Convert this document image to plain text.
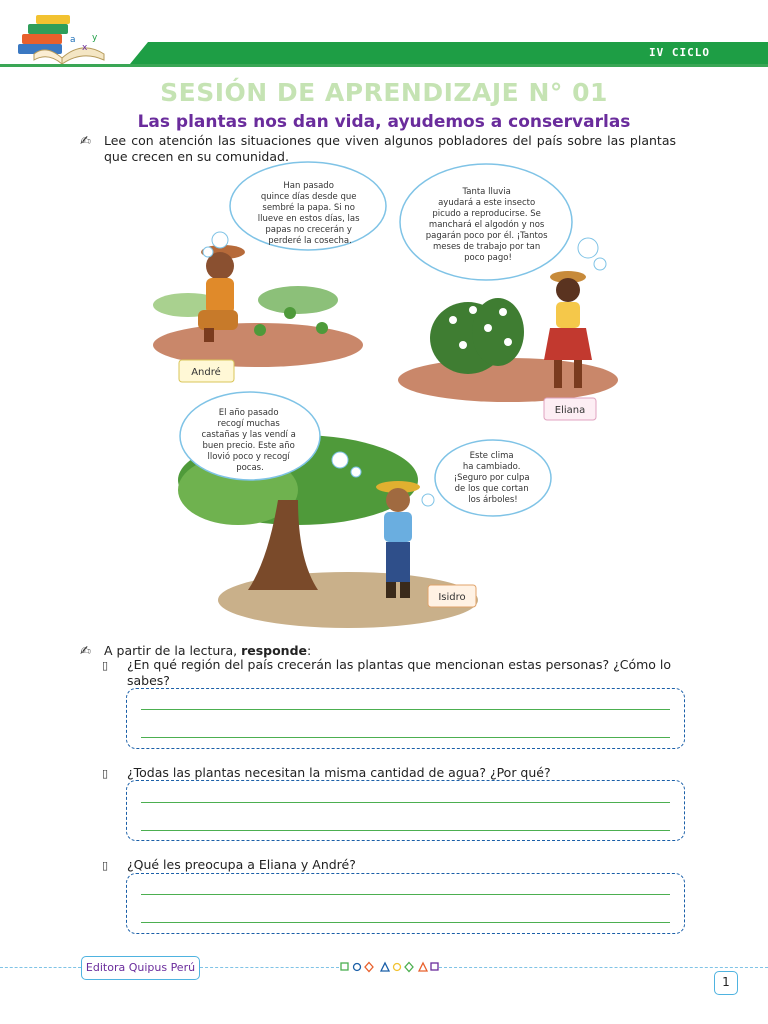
a
x
y
IV CICLO
SESIÓN DE APRENDIZAJE N° 01
Las plantas nos dan vida, ayudemos a conservarlas
✍ Lee con atención las situaciones que viven algunos pobladores del país sobre las plantas que crecen en su comunidad.
André
Han pasado quince días desde que sembré la papa. Si no llueve en estos días, las papas no crecerán y perderé la cosecha.
Eliana
Tanta lluvia ayudará a este insecto picudo a reproducirse. Se manchará el algodón y nos pagarán poco por él. ¡Tantos meses de trabajo por tan poco pago!
Isidro
El año pasado recogí muchas castañas y las vendí a buen precio. Este año llovió poco y recogí pocas.
Este clima ha cambiado. ¡Seguro por culpa de los que cortan los árboles!
✍ A partir de la lectura, responde:
▯ ¿En qué región del país crecerán las plantas que mencionan estas personas? ¿Cómo lo sabes?
▯ ¿Todas las plantas necesitan la misma cantidad de agua? ¿Por qué?
▯ ¿Qué les preocupa a Eliana y André?
Editora Quipus Perú
1
